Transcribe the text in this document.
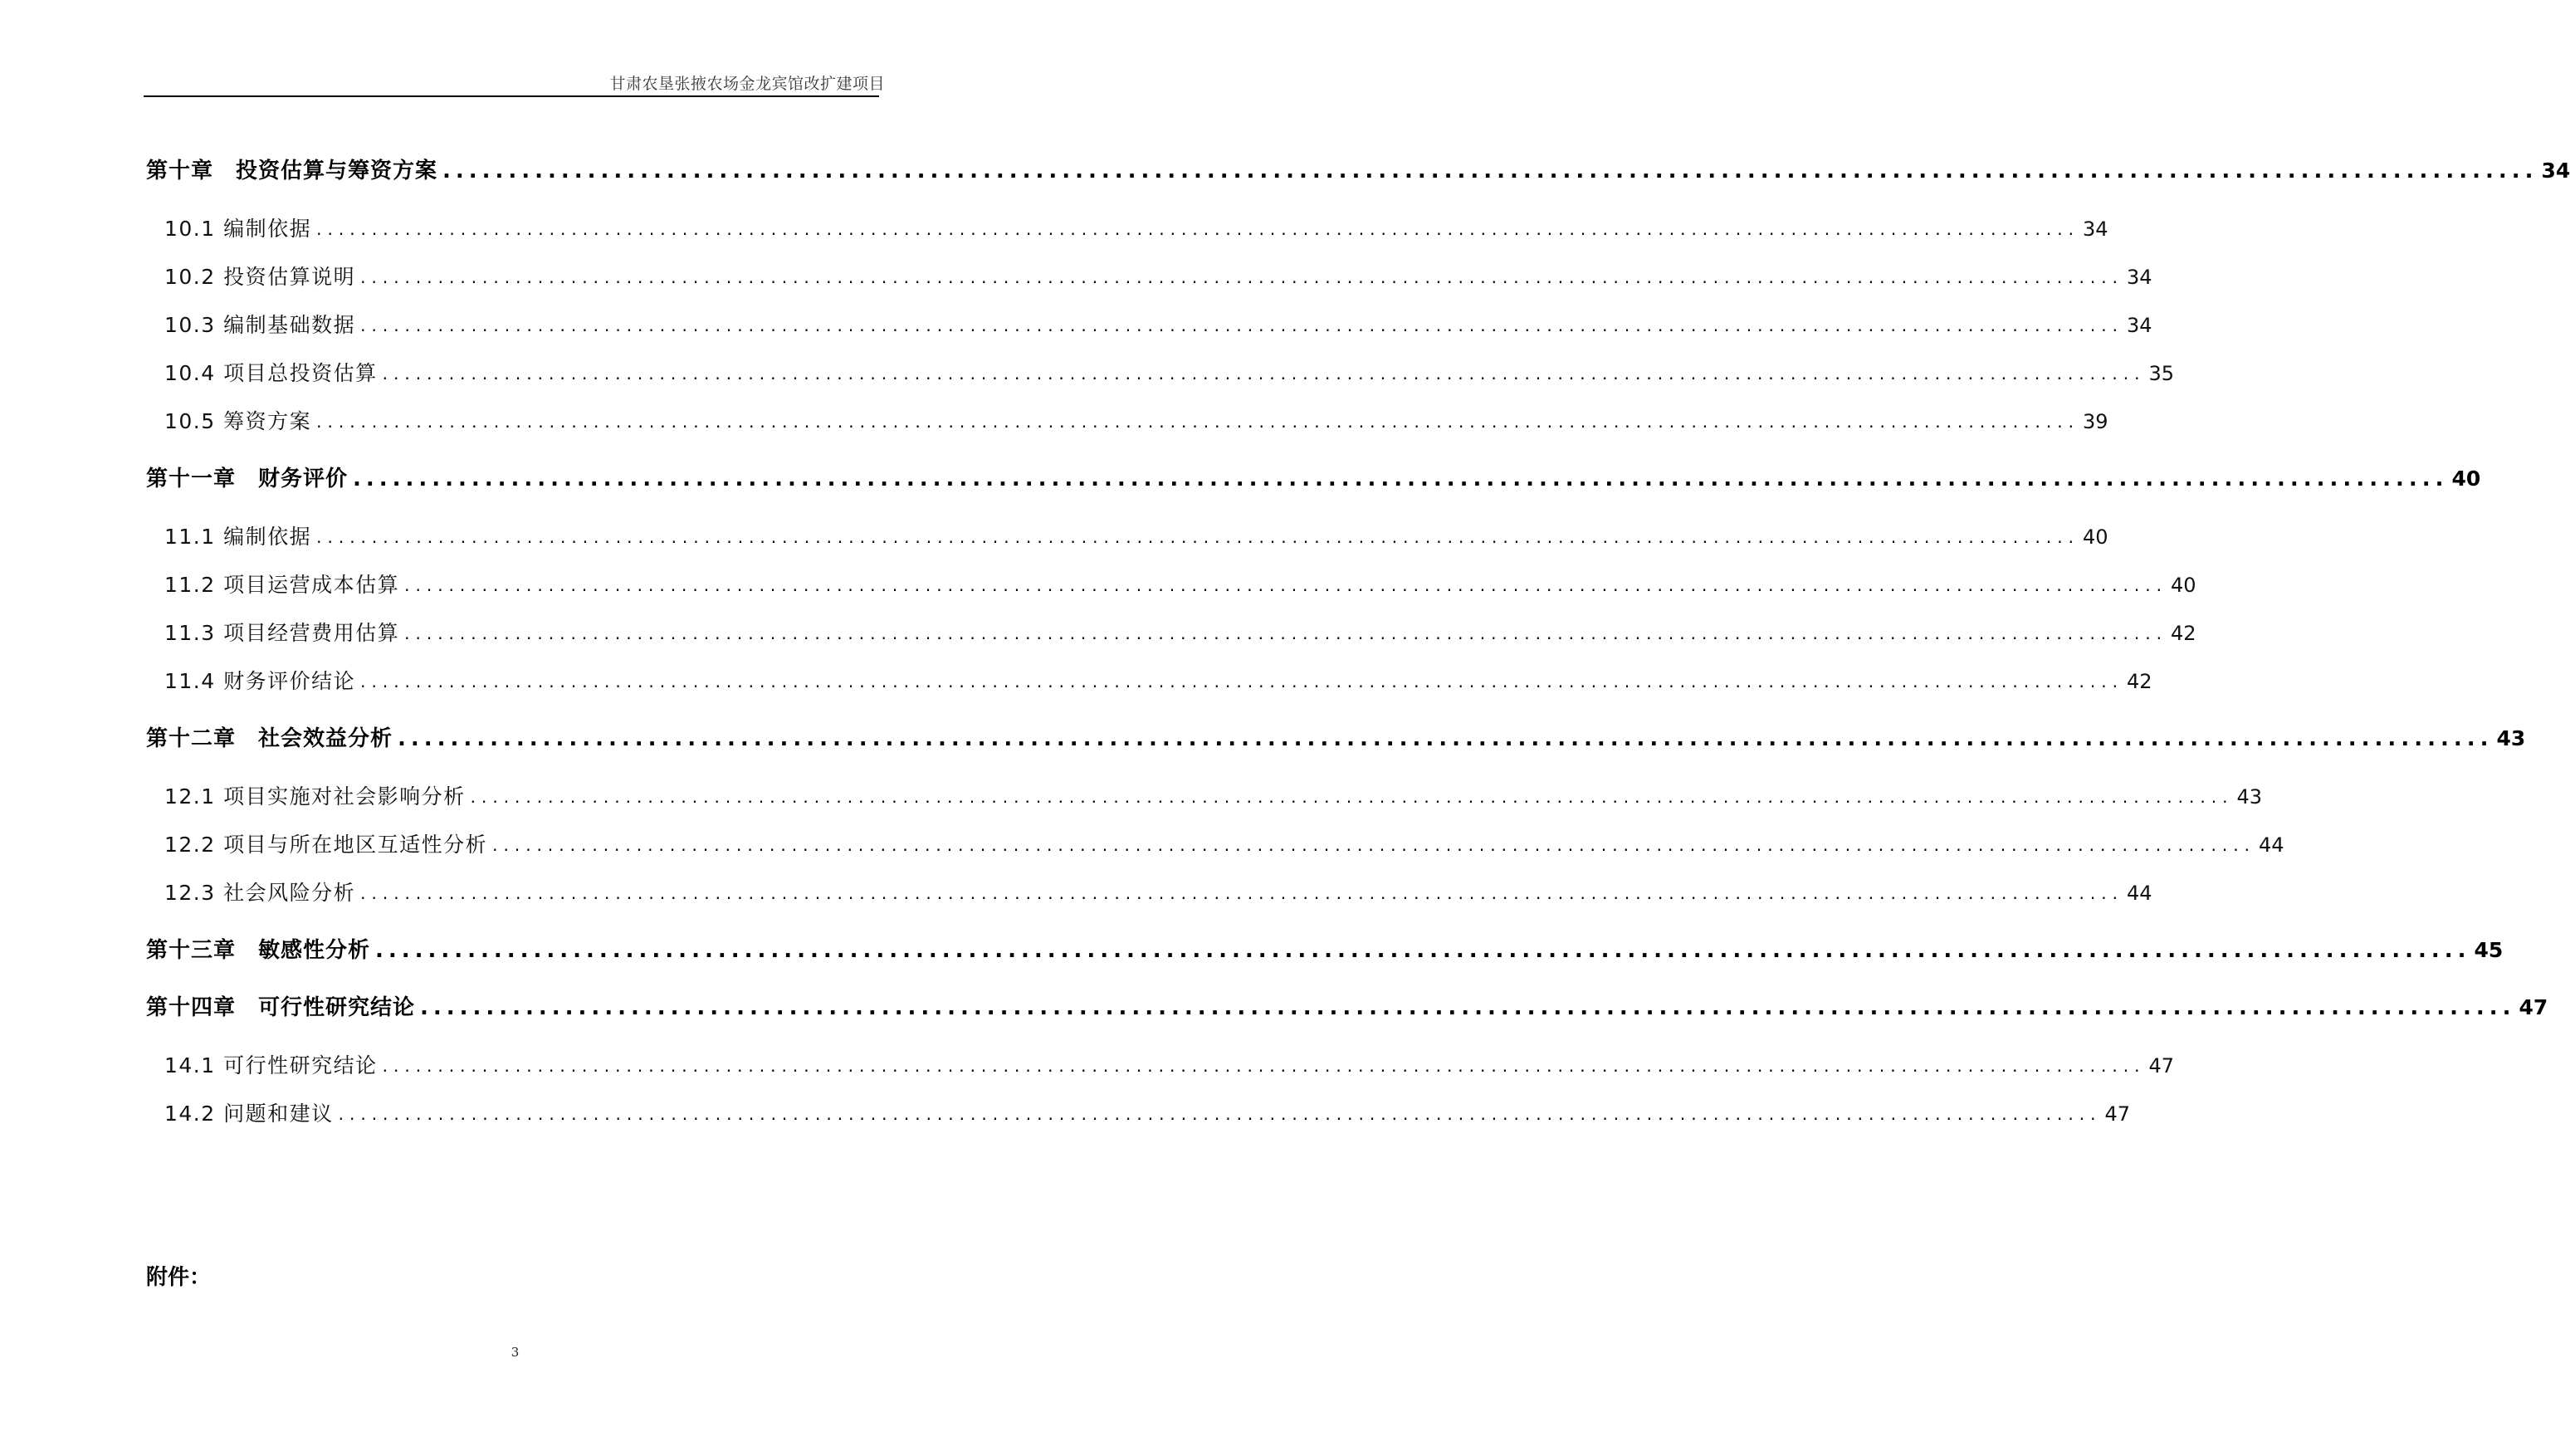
甘肃农垦张掖农场金龙宾馆改扩建项目
第十章　投资估算与筹资方案 ............................................................................................................................................................... 34
10.1 编制依据 ............................................................................................................................................................... 34
10.2 投资估算说明 ............................................................................................................................................................... 34
10.3 编制基础数据 ............................................................................................................................................................... 34
10.4 项目总投资估算 ............................................................................................................................................................... 35
10.5 筹资方案 ............................................................................................................................................................... 39
第十一章　财务评价 ............................................................................................................................................................... 40
11.1 编制依据 ............................................................................................................................................................... 40
11.2 项目运营成本估算 ............................................................................................................................................................... 40
11.3 项目经营费用估算 ............................................................................................................................................................... 42
11.4 财务评价结论 ............................................................................................................................................................... 42
第十二章　社会效益分析 ............................................................................................................................................................... 43
12.1 项目实施对社会影响分析 ............................................................................................................................................................... 43
12.2 项目与所在地区互适性分析 ............................................................................................................................................................... 44
12.3 社会风险分析 ............................................................................................................................................................... 44
第十三章　敏感性分析 ............................................................................................................................................................... 45
第十四章　可行性研究结论 ............................................................................................................................................................... 47
14.1 可行性研究结论 ............................................................................................................................................................... 47
14.2 问题和建议 ............................................................................................................................................................... 47
附件：
3
